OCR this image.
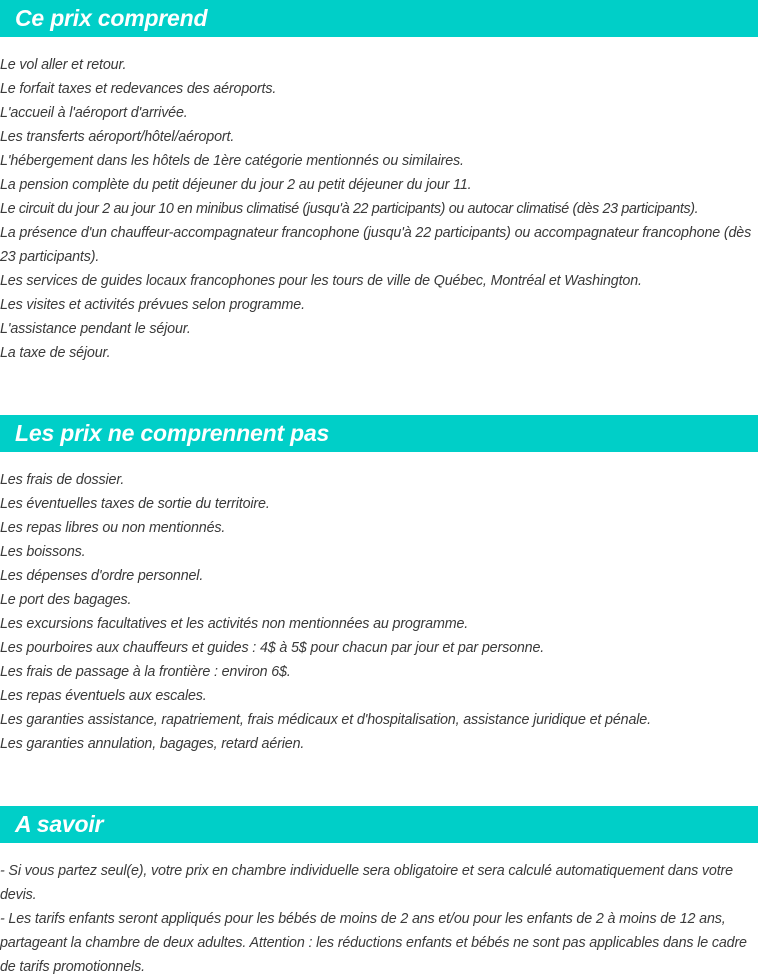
Ce prix comprend
Le vol aller et retour.
Le forfait taxes et redevances des aéroports.
L'accueil à l'aéroport d'arrivée.
Les transferts aéroport/hôtel/aéroport.
L'hébergement dans les hôtels de 1ère catégorie mentionnés ou similaires.
La pension complète du petit déjeuner du jour 2 au petit déjeuner du jour 11.
Le circuit du jour 2 au jour 10 en minibus climatisé (jusqu'à 22 participants) ou autocar climatisé (dès 23 participants).
La présence d'un chauffeur-accompagnateur francophone (jusqu'à 22 participants) ou accompagnateur francophone (dès 23 participants).
Les services de guides locaux francophones pour les tours de ville de Québec, Montréal et Washington.
Les visites et activités prévues selon programme.
L'assistance pendant le séjour.
La taxe de séjour.
Les prix ne comprennent pas
Les frais de dossier.
Les éventuelles taxes de sortie du territoire.
Les repas libres ou non mentionnés.
Les boissons.
Les dépenses d'ordre personnel.
Le port des bagages.
Les excursions facultatives et les activités non mentionnées au programme.
Les pourboires aux chauffeurs et guides : 4$ à 5$ pour chacun par jour et par personne.
Les frais de passage à la frontière : environ 6$.
Les repas éventuels aux escales.
Les garanties assistance, rapatriement, frais médicaux et d'hospitalisation, assistance juridique et pénale.
Les garanties annulation, bagages, retard aérien.
A savoir
- Si vous partez seul(e), votre prix en chambre individuelle sera obligatoire et sera calculé automatiquement dans votre devis.
- Les tarifs enfants seront appliqués pour les bébés de moins de 2 ans et/ou pour les enfants de 2 à moins de 12 ans, partageant la chambre de deux adultes. Attention : les réductions enfants et bébés ne sont pas applicables dans le cadre de tarifs promotionnels.
